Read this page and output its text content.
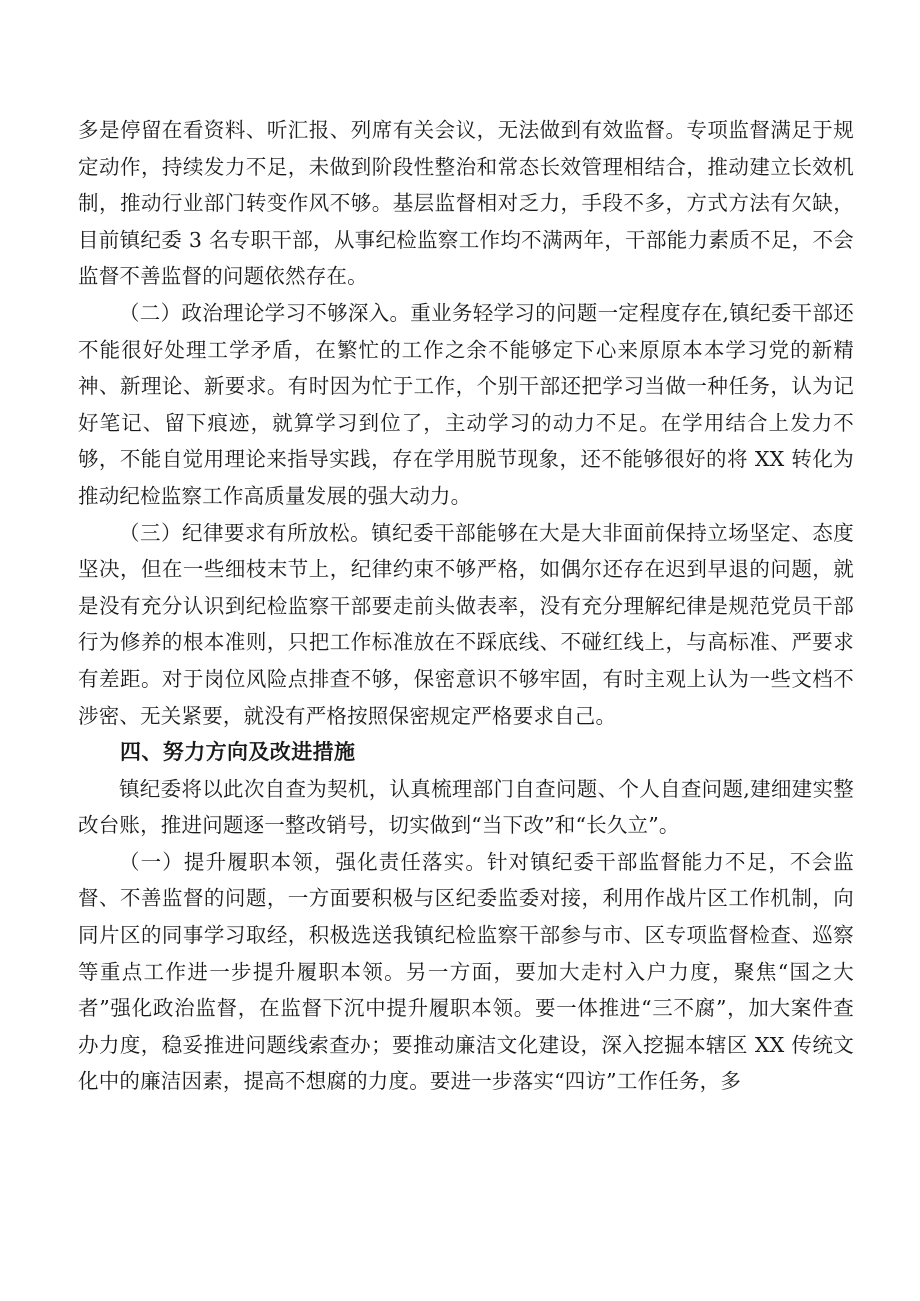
多是停留在看资料、听汇报、列席有关会议，无法做到有效监督。专项监督满足于规定动作，持续发力不足，未做到阶段性整治和常态长效管理相结合，推动建立长效机制，推动行业部门转变作风不够。基层监督相对乏力，手段不多，方式方法有欠缺，目前镇纪委 3 名专职干部，从事纪检监察工作均不满两年，干部能力素质不足，不会监督不善监督的问题依然存在。

（二）政治理论学习不够深入。重业务轻学习的问题一定程度存在,镇纪委干部还不能很好处理工学矛盾，在繁忙的工作之余不能够定下心来原原本本学习党的新精神、新理论、新要求。有时因为忙于工作，个别干部还把学习当做一种任务，认为记好笔记、留下痕迹，就算学习到位了，主动学习的动力不足。在学用结合上发力不够，不能自觉用理论来指导实践，存在学用脱节现象，还不能够很好的将 XX 转化为推动纪检监察工作高质量发展的强大动力。

（三）纪律要求有所放松。镇纪委干部能够在大是大非面前保持立场坚定、态度坚决，但在一些细枝末节上，纪律约束不够严格，如偶尔还存在迟到早退的问题，就是没有充分认识到纪检监察干部要走前头做表率，没有充分理解纪律是规范党员干部行为修养的根本准则，只把工作标准放在不踩底线、不碰红线上，与高标准、严要求有差距。对于岗位风险点排查不够，保密意识不够牢固，有时主观上认为一些文档不涉密、无关紧要，就没有严格按照保密规定严格要求自己。

四、努力方向及改进措施

镇纪委将以此次自查为契机，认真梳理部门自查问题、个人自查问题,建细建实整改台账，推进问题逐一整改销号，切实做到“当下改”和“长久立”。

（一）提升履职本领，强化责任落实。针对镇纪委干部监督能力不足，不会监督、不善监督的问题，一方面要积极与区纪委监委对接，利用作战片区工作机制，向同片区的同事学习取经，积极选送我镇纪检监察干部参与市、区专项监督检查、巡察等重点工作进一步提升履职本领。另一方面，要加大走村入户力度，聚焦“国之大者”强化政治监督，在监督下沉中提升履职本领。要一体推进“三不腐”，加大案件查办力度，稳妥推进问题线索查办；要推动廉洁文化建设，深入挖掘本辖区 XX 传统文化中的廉洁因素，提高不想腐的力度。要进一步落实“四访”工作任务，多
